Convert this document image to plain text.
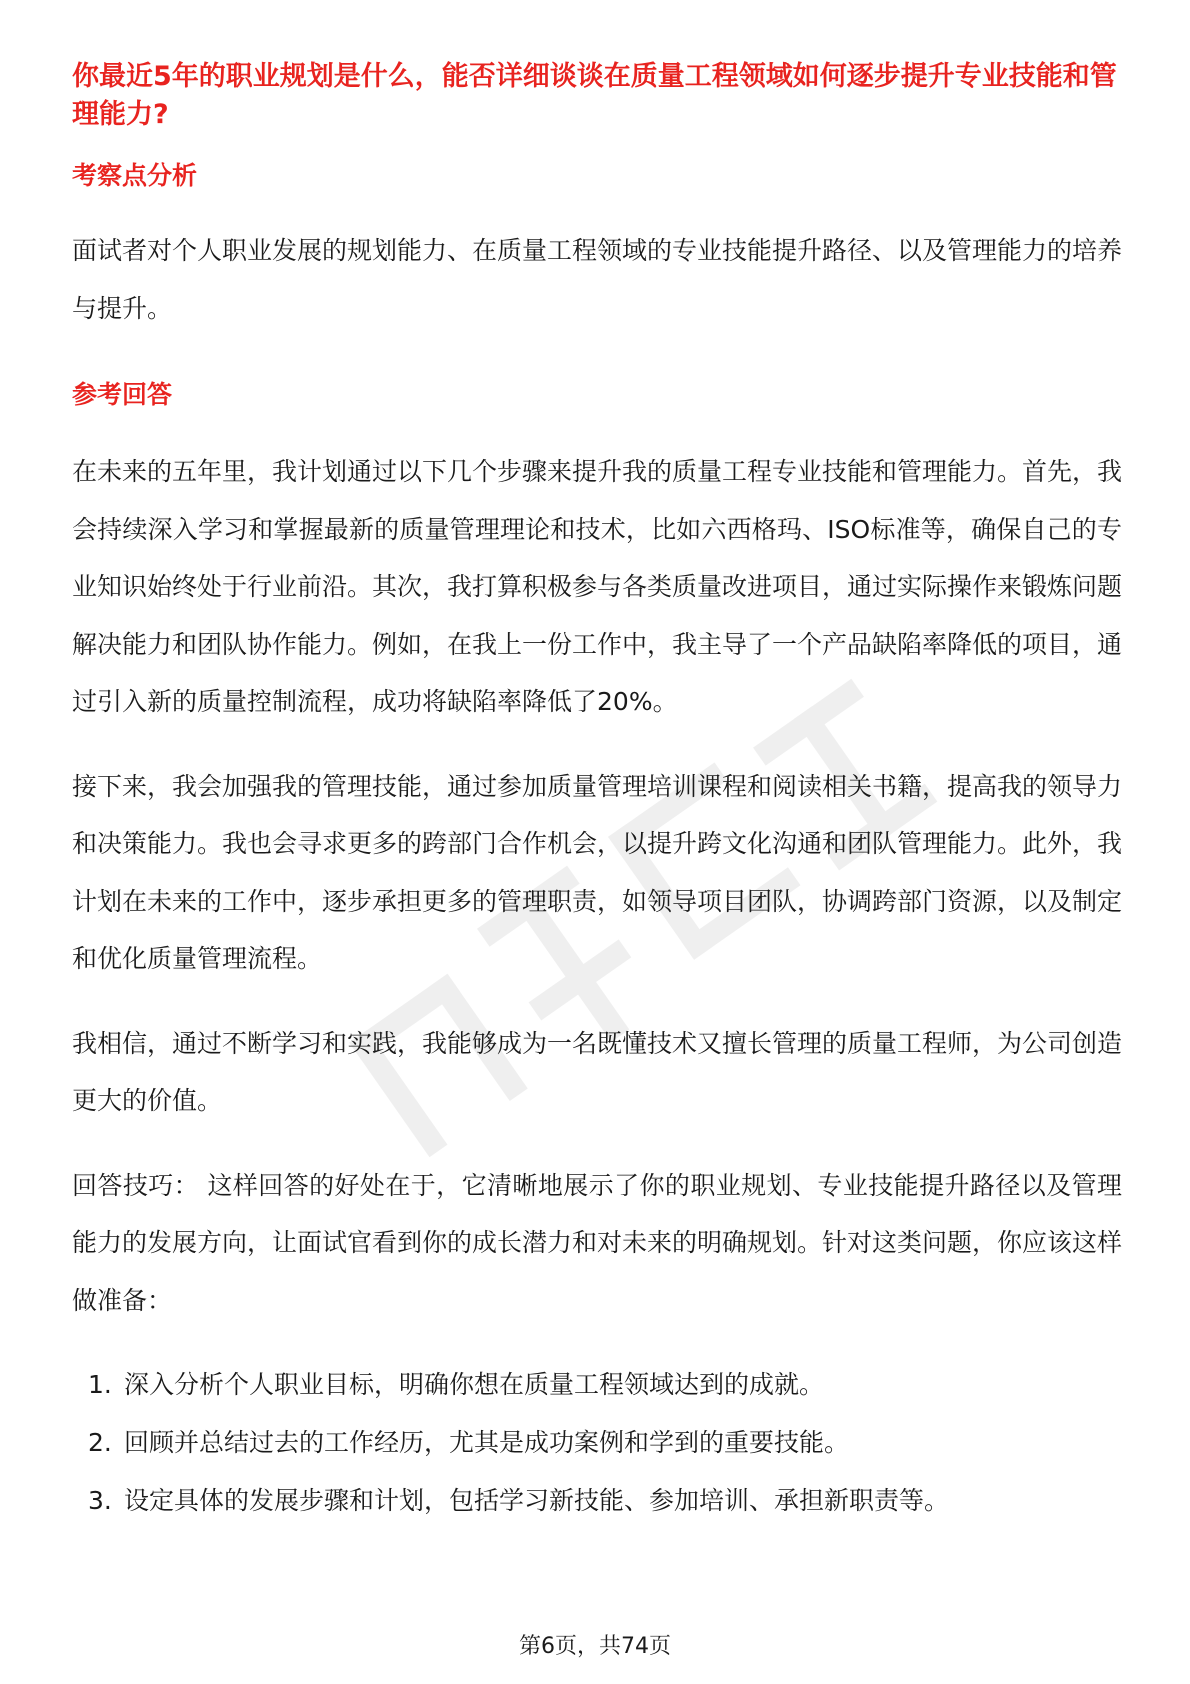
你最近5年的职业规划是什么，能否详细谈谈在质量工程领域如何逐步提升专业技能和管理能力?
考察点分析

面试者对个人职业发展的规划能力、在质量工程领域的专业技能提升路径、以及管理能力的培养与提升。

参考回答

在未来的五年里，我计划通过以下几个步骤来提升我的质量工程专业技能和管理能力。首先，我会持续深入学习和掌握最新的质量管理理论和技术，比如六西格玛、ISO标准等，确保自己的专业知识始终处于行业前沿。其次，我打算积极参与各类质量改进项目，通过实际操作来锻炼问题解决能力和团队协作能力。例如，在我上一份工作中，我主导了一个产品缺陷率降低的项目，通过引入新的质量控制流程，成功将缺陷率降低了20%。

接下来，我会加强我的管理技能，通过参加质量管理培训课程和阅读相关书籍，提高我的领导力和决策能力。我也会寻求更多的跨部门合作机会，以提升跨文化沟通和团队管理能力。此外，我计划在未来的工作中，逐步承担更多的管理职责，如领导项目团队，协调跨部门资源，以及制定和优化质量管理流程。

我相信，通过不断学习和实践，我能够成为一名既懂技术又擅长管理的质量工程师，为公司创造更大的价值。

回答技巧： 这样回答的好处在于，它清晰地展示了你的职业规划、专业技能提升路径以及管理能力的发展方向，让面试官看到你的成长潜力和对未来的明确规划。针对这类问题，你应该这样做准备：

1. 深入分析个人职业目标，明确你想在质量工程领域达到的成就。
2. 回顾并总结过去的工作经历，尤其是成功案例和学到的重要技能。
3. 设定具体的发展步骤和计划，包括学习新技能、参加培训、承担新职责等。
第6页，共74页
